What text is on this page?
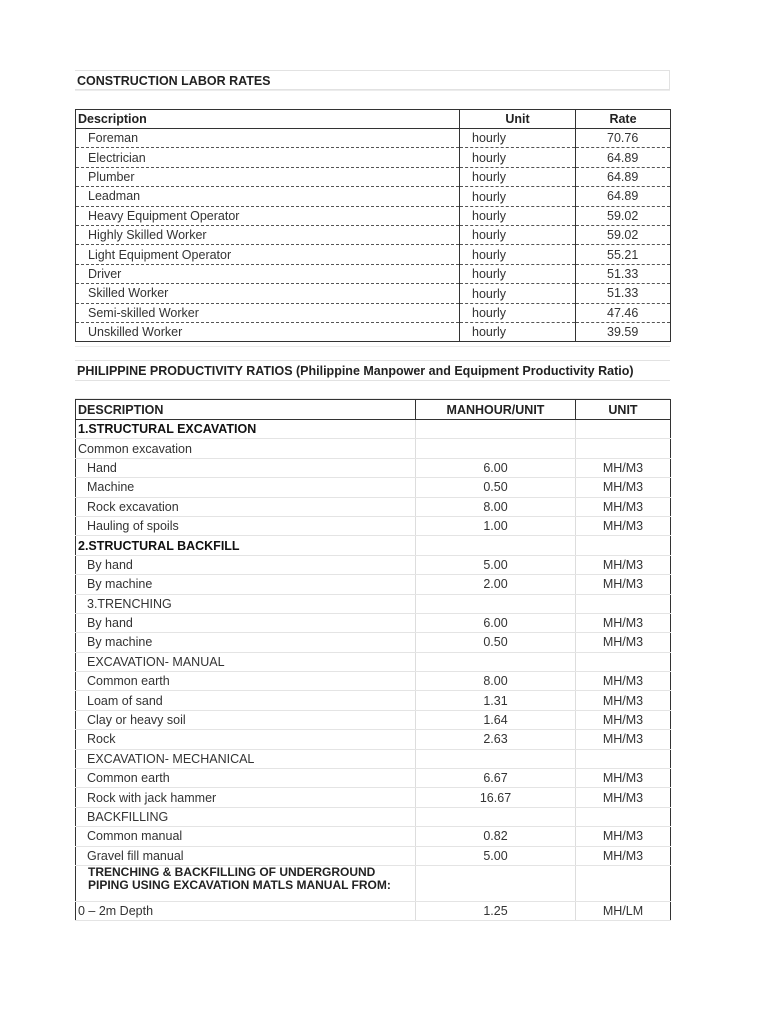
CONSTRUCTION LABOR RATES
Description	Unit	Rate
Foreman	hourly	70.76
Electrician	hourly	64.89
Plumber	hourly	64.89
Leadman	hourly	64.89
Heavy Equipment Operator	hourly	59.02
Highly Skilled Worker	hourly	59.02
Light Equipment Operator	hourly	55.21
Driver	hourly	51.33
Skilled Worker	hourly	51.33
Semi-skilled Worker	hourly	47.46
Unskilled Worker	hourly	39.59
PHILIPPINE PRODUCTIVITY RATIOS (Philippine Manpower and Equipment Productivity Ratio)
DESCRIPTION	MANHOUR/UNIT	UNIT
1.STRUCTURAL EXCAVATION		
Common excavation		
Hand	6.00	MH/M3
Machine	0.50	MH/M3
Rock excavation	8.00	MH/M3
Hauling of spoils	1.00	MH/M3
2.STRUCTURAL BACKFILL		
By hand	5.00	MH/M3
By machine	2.00	MH/M3
3.TRENCHING		
By hand	6.00	MH/M3
By machine	0.50	MH/M3
EXCAVATION- MANUAL		
Common earth	8.00	MH/M3
Loam of sand	1.31	MH/M3
Clay or heavy soil	1.64	MH/M3
Rock	2.63	MH/M3
EXCAVATION- MECHANICAL		
Common earth	6.67	MH/M3
Rock with jack hammer	16.67	MH/M3
BACKFILLING		
Common manual	0.82	MH/M3
Gravel fill manual	5.00	MH/M3
TRENCHING & BACKFILLING OF UNDERGROUND PIPING USING EXCAVATION MATLS MANUAL FROM:		
0 – 2m Depth	1.25	MH/LM
